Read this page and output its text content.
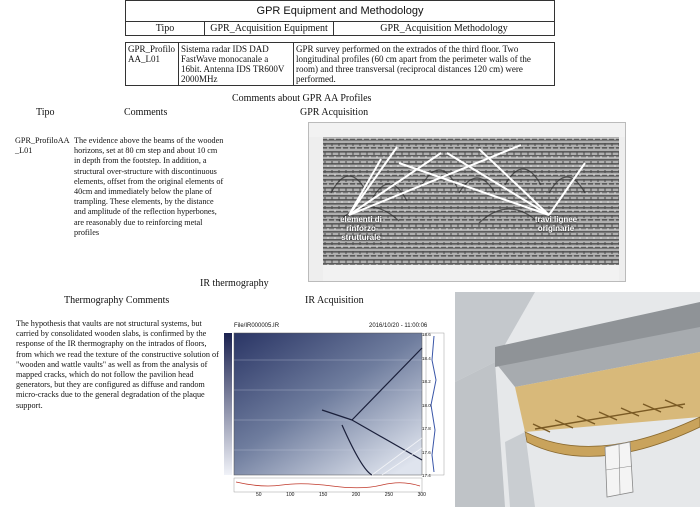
GPR Equipment and Methodology
Tipo	GPR_Acquisition Equipment	GPR_Acquisition Methodology
GPR_Profilo AA_L01	Sistema radar IDS DAD FastWave monocanale a 16bit. Antenna IDS TR600V 2000MHz	GPR survey performed on the extrados of the third floor. Two longitudinal profiles (60 cm apart from the perimeter walls of the room) and three transversal (reciprocal distances 120 cm) were performed.
Comments about GPR AA Profiles
Tipo	Comments	GPR Acquisition
GPR_ProfiloAA _L01
The evidence above the beams of the wooden horizons, set at 80 cm step and about 10 cm in depth from the footstep. In addition, a structural over-structure with discontinuous elements, offset from the original elements of 40cm and immediately below the plane of trampling. These elements, by the distance and amplitude of the reflection hyperbones, are reasonably due to reinforcing metal profiles
elementi di rinforzo strutturale
travi lignee originarie
IR thermography
Thermography Comments	IR Acquisition
The hypothesis that vaults are not structural systems, but carried by consolidated wooden slabs, is confirmed by the response of the IR thermography on the intrados of floors, from which we read the texture of the constructive solution of "wooden and wattle vaults" as well as from the analysis of mapped cracks, which do not follow the pavilion head generators, but they are configured as diffuse and random micro-cracks due to the general degradation of the plaque support.
File/IR000005.IR	2016/10/20 - 11:00:06
50	100	150	200	250	300
18.6
18.4
18.2
18.0
17.8
17.6
17.4
